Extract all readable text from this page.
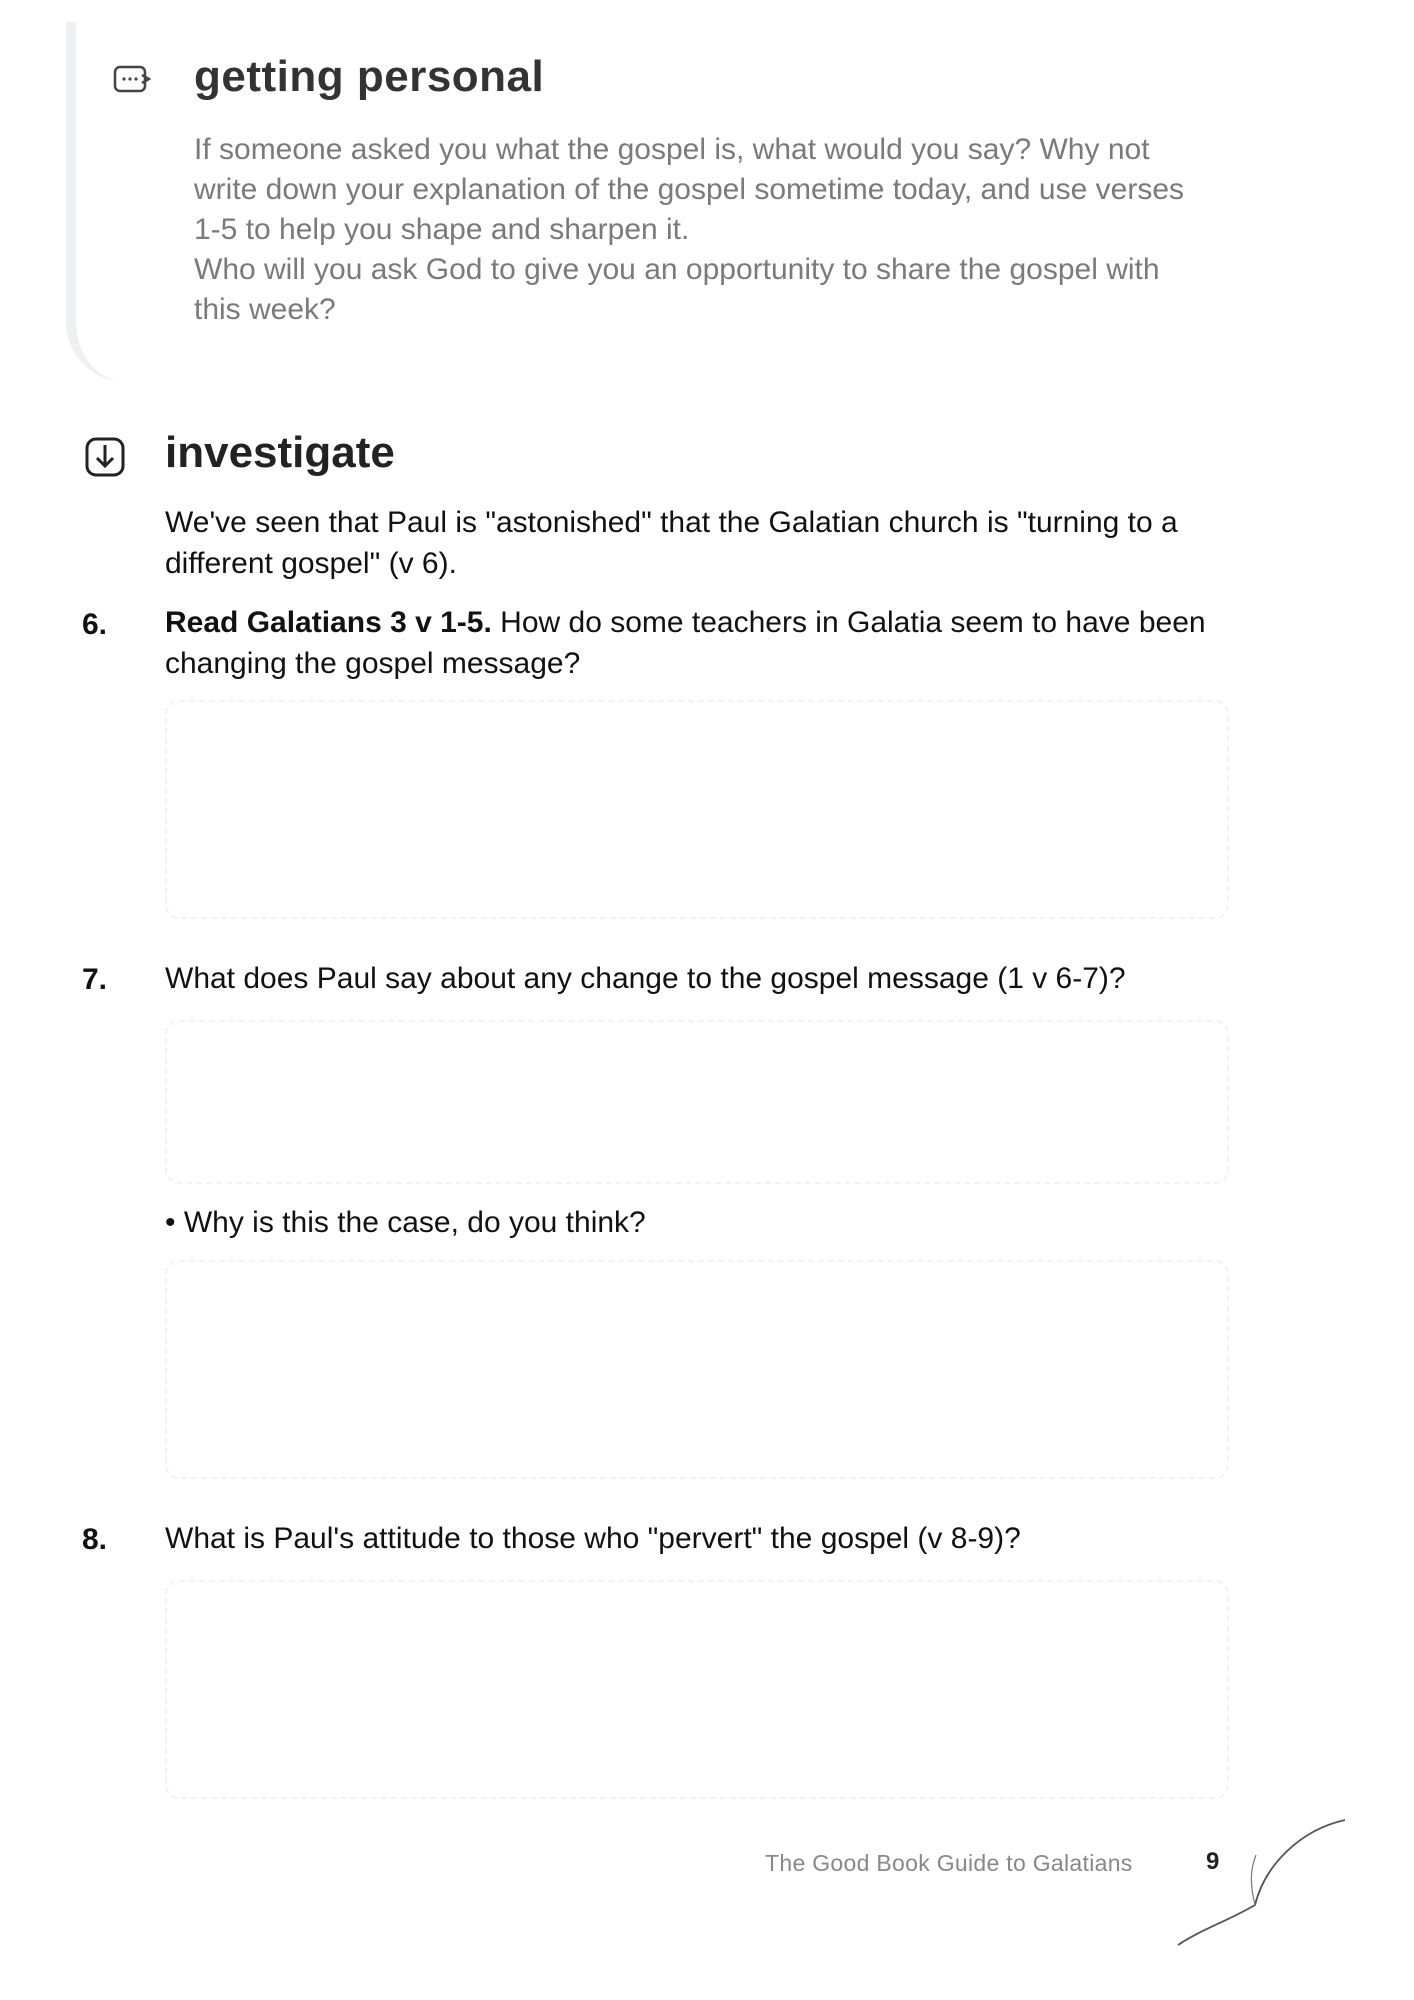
getting personal

If someone asked you what the gospel is, what would you say? Why not write down your explanation of the gospel sometime today, and use verses 1-5 to help you shape and sharpen it.

Who will you ask God to give you an opportunity to share the gospel with this week?

investigate
We've seen that Paul is "astonished" that the Galatian church is "turning to a different gospel" (v 6).
6. Read Galatians 3 v 1-5. How do some teachers in Galatia seem to have been changing the gospel message?
7. What does Paul say about any change to the gospel message (1 v 6-7)?
• Why is this the case, do you think?
8. What is Paul's attitude to those who "pervert" the gospel (v 8-9)?
The Good Book Guide to Galatians	9
